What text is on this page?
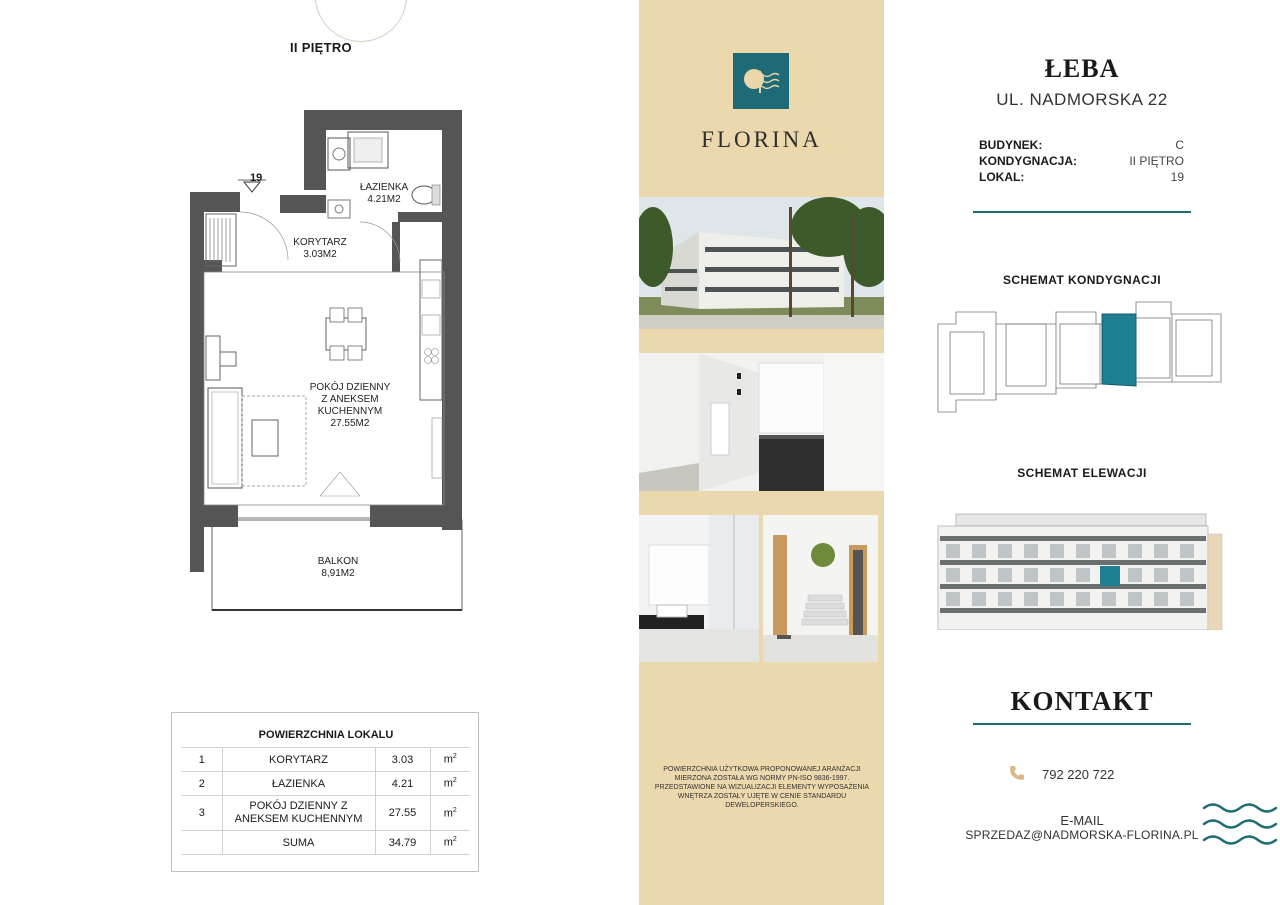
II PIĘTRO
ŁAZIENKA
4.21M2
KORYTARZ
3.03M2
POKÓJ DZIENNY
Z ANEKSEM
KUCHENNYM
27.55M2
BALKON
8,91M2
19
POWIERZCHNIA LOKALU			
1	KORYTARZ	3.03	$m^2$
2	ŁAZIENKA	4.21	$m^2$
3	POKÓJ DZIENNY Z
ANEKSEM KUCHENNYM	27.55	$m^2$
	SUMA	34.79	$m^2$
FLORINA
POWIERZCHNIA UŻYTKOWA PROPONOWANEJ ARANŻACJI MIERZONA ZOSTAŁA WG NORMY PN-ISO 9836-1997. PRZEDSTAWIONE NA WIZUALIZACJI ELEMENTY WYPOSAŻENIA WNĘTRZA ZOSTAŁY UJĘTE W CENIE STANDARDU DEWELOPERSKIEGO.
ŁEBA
UL. NADMORSKA 22
BUDYNEK:	C
KONDYGNACJA:	II PIĘTRO
LOKAL:	19
SCHEMAT KONDYGNACJI
SCHEMAT ELEWACJI
KONTAKT
792 220 722
E-MAIL
SPRZEDAZ@NADMORSKA-FLORINA.PL
